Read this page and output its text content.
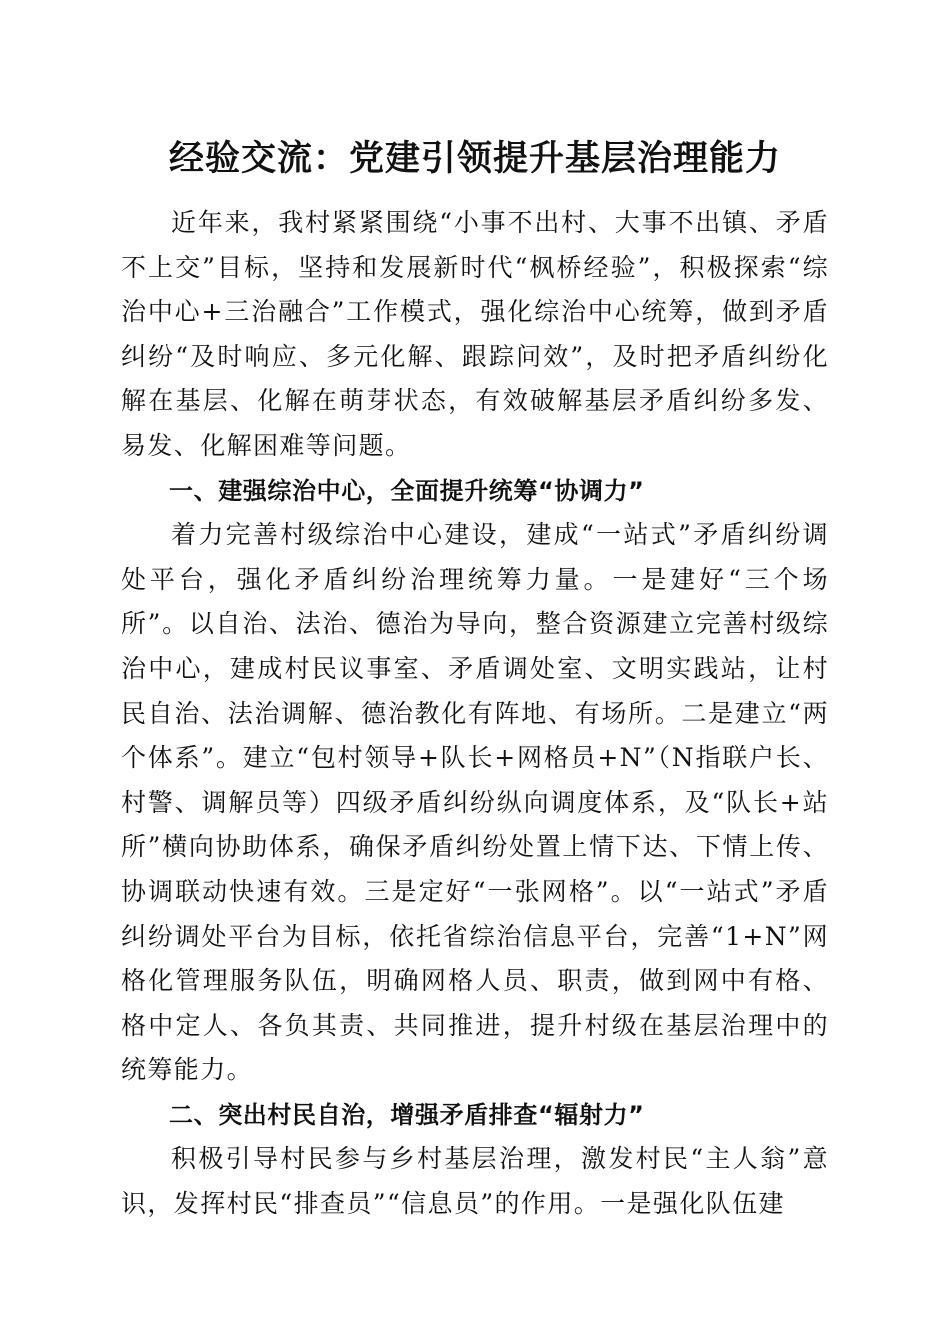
经验交流：党建引领提升基层治理能力

近年来，我村紧紧围绕“小事不出村、大事不出镇、矛盾不上交”目标，坚持和发展新时代“枫桥经验”，积极探索“综治中心+三治融合”工作模式，强化综治中心统筹，做到矛盾纠纷“及时响应、多元化解、跟踪问效”，及时把矛盾纠纷化解在基层、化解在萌芽状态，有效破解基层矛盾纠纷多发、易发、化解困难等问题。

一、建强综治中心，全面提升统筹“协调力”

着力完善村级综治中心建设，建成“一站式”矛盾纠纷调处平台，强化矛盾纠纷治理统筹力量。一是建好“三个场所”。以自治、法治、德治为导向，整合资源建立完善村级综治中心，建成村民议事室、矛盾调处室、文明实践站，让村民自治、法治调解、德治教化有阵地、有场所。二是建立“两个体系”。建立“包村领导+队长+网格员+N”（N指联户长、村警、调解员等）四级矛盾纠纷纵向调度体系，及“队长+站所”横向协助体系，确保矛盾纠纷处置上情下达、下情上传、协调联动快速有效。三是定好“一张网格”。以“一站式”矛盾纠纷调处平台为目标，依托省综治信息平台，完善“1+N”网格化管理服务队伍，明确网格人员、职责，做到网中有格、格中定人、各负其责、共同推进，提升村级在基层治理中的统筹能力。

二、突出村民自治，增强矛盾排查“辐射力”

积极引导村民参与乡村基层治理，激发村民“主人翁”意识，发挥村民“排查员”“信息员”的作用。一是强化队伍建
